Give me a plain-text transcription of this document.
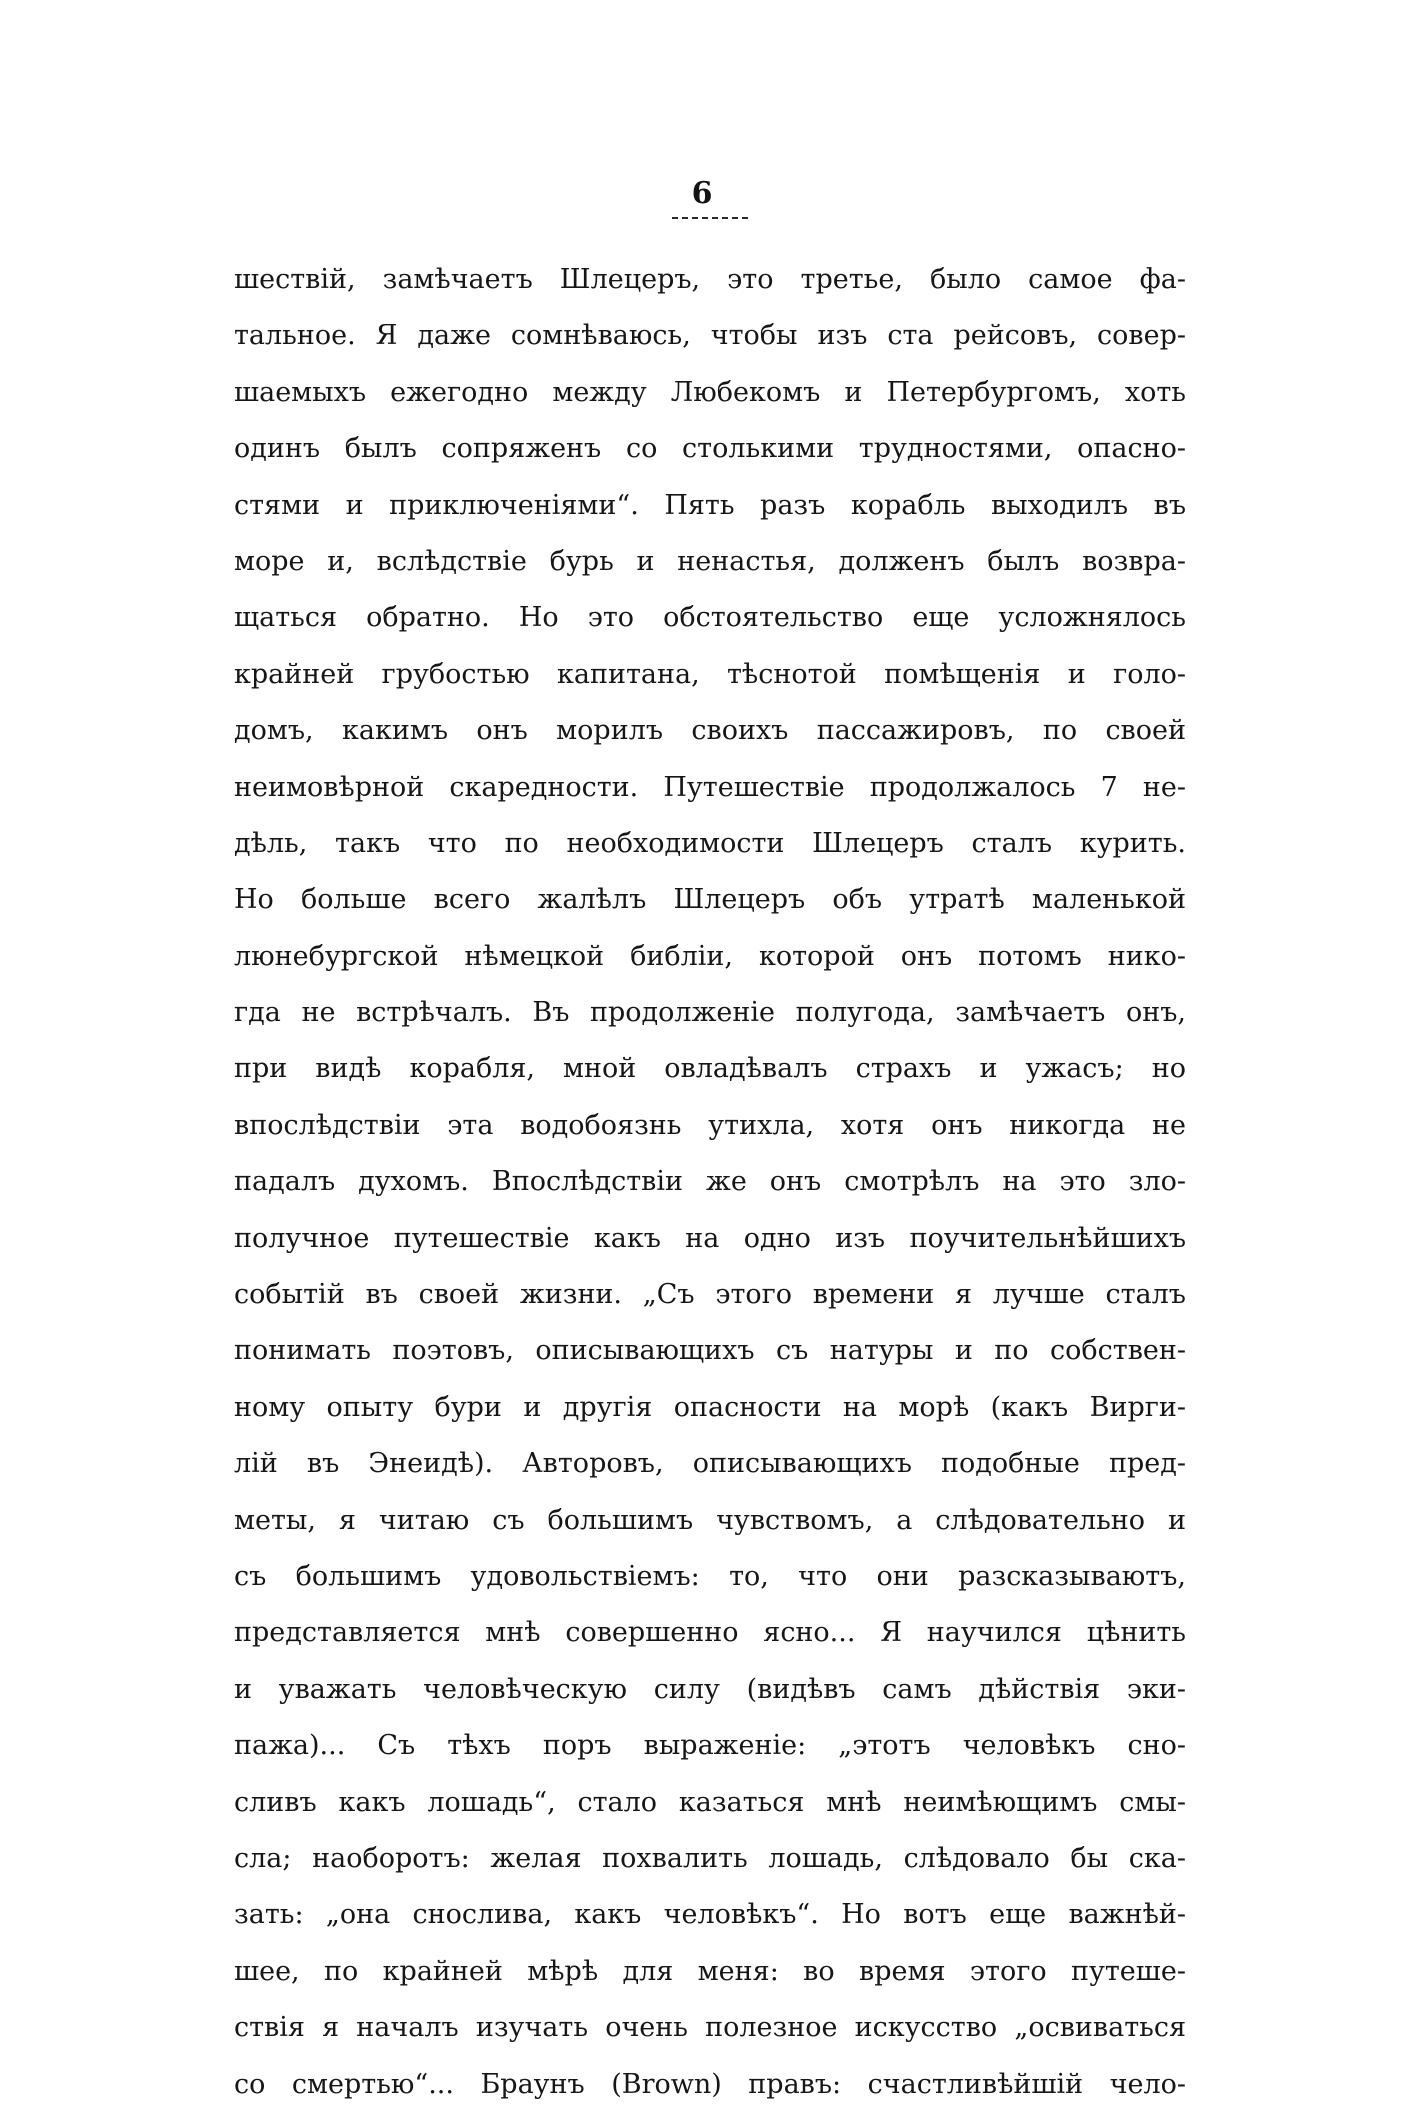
6
шествій, замѣчаетъ Шлецеръ, это третье, было самое фа-
тальное. Я даже сомнѣваюсь, чтобы изъ ста рейсовъ, совер-
шаемыхъ ежегодно между Любекомъ и Петербургомъ, хоть
одинъ былъ сопряженъ со столькими трудностями, опасно-
стями и приключеніями“. Пять разъ корабль выходилъ въ
море и, вслѣдствіе бурь и ненастья, долженъ былъ возвра-
щаться обратно. Но это обстоятельство еще усложнялось
крайней грубостью капитана, тѣснотой помѣщенія и голо-
домъ, какимъ онъ морилъ своихъ пассажировъ, по своей
неимовѣрной скаредности. Путешествіе продолжалось 7 не-
дѣль, такъ что по необходимости Шлецеръ сталъ курить.
Но больше всего жалѣлъ Шлецеръ объ утратѣ маленькой
люнебургской нѣмецкой библіи, которой онъ потомъ нико-
гда не встрѣчалъ. Въ продолженіе полугода, замѣчаетъ онъ,
при видѣ корабля, мной овладѣвалъ страхъ и ужасъ; но
впослѣдствіи эта водобоязнь утихла, хотя онъ никогда не
падалъ духомъ. Впослѣдствіи же онъ смотрѣлъ на это зло-
получное путешествіе какъ на одно изъ поучительнѣйшихъ
событій въ своей жизни. „Съ этого времени я лучше сталъ
понимать поэтовъ, описывающихъ съ натуры и по собствен-
ному опыту бури и другія опасности на морѣ (какъ Вирги-
лій въ Энеидѣ). Авторовъ, описывающихъ подобные пред-
меты, я читаю съ большимъ чувствомъ, а слѣдовательно и
съ большимъ удовольствіемъ: то, что они разсказываютъ,
представляется мнѣ совершенно ясно... Я научился цѣнить
и уважать человѣческую силу (видѣвъ самъ дѣйствія эки-
пажа)... Съ тѣхъ поръ выраженіе: „этотъ человѣкъ сно-
сливъ какъ лошадь“, стало казаться мнѣ неимѣющимъ смы-
сла; наоборотъ: желая похвалить лошадь, слѣдовало бы ска-
зать: „она снослива, какъ человѣкъ“. Но вотъ еще важнѣй-
шее, по крайней мѣрѣ для меня: во время этого путеше-
ствія я началъ изучать очень полезное искусство „освиваться
со смертью“... Браунъ (Brown) правъ: счастливѣйшій чело-
